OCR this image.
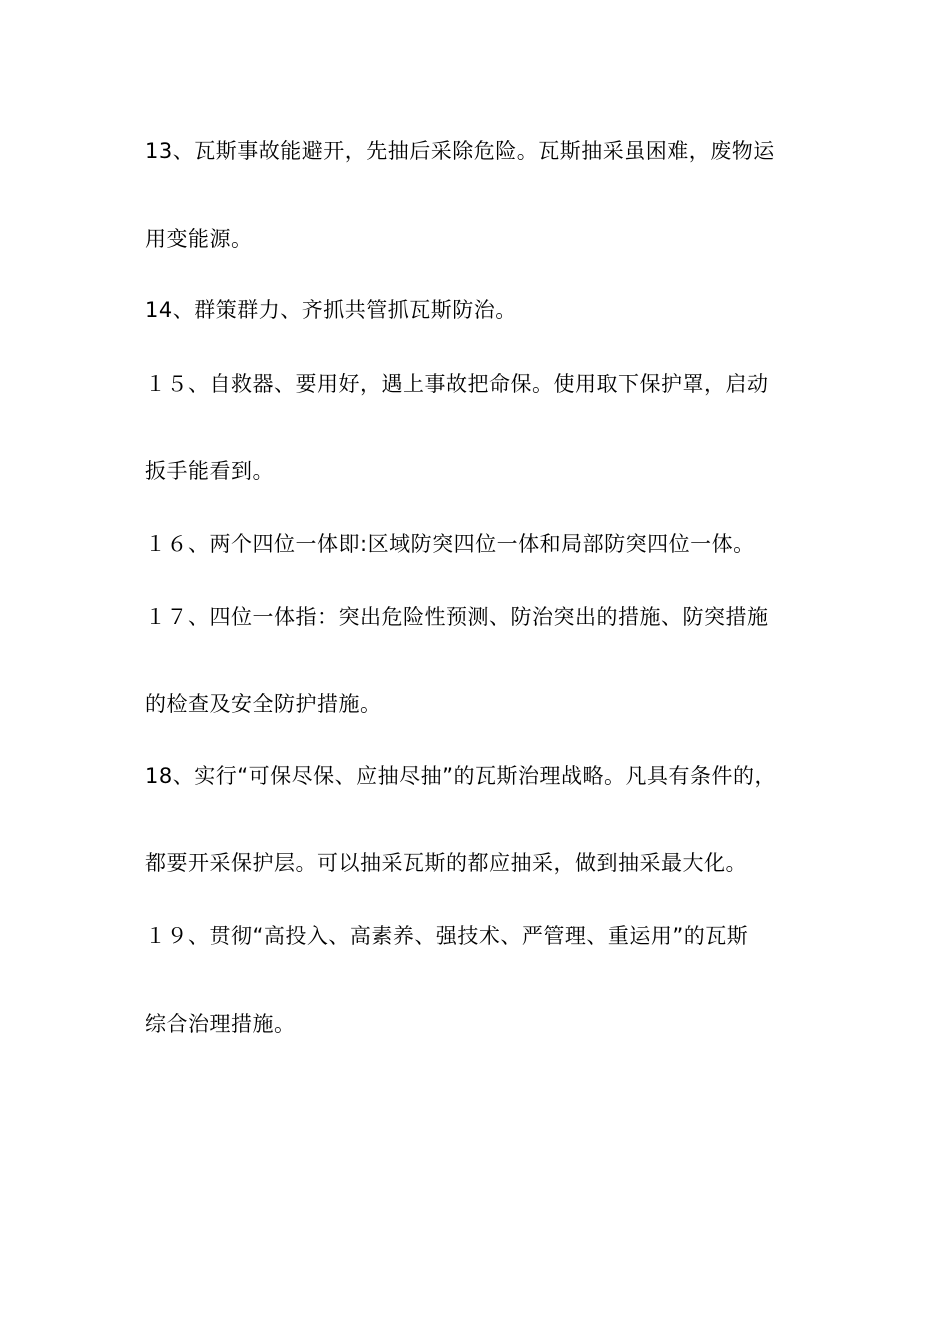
13、瓦斯事故能避开，先抽后采除危险。瓦斯抽采虽困难，废物运
用变能源。
14、群策群力、齐抓共管抓瓦斯防治。
１５、自救器、要用好，遇上事故把命保。使用取下保护罩，启动
扳手能看到。
１６、两个四位一体即:区域防突四位一体和局部防突四位一体。
１７、四位一体指：突出危险性预测、防治突出的措施、防突措施
的检查及安全防护措施。
18、实行“可保尽保、应抽尽抽”的瓦斯治理战略。凡具有条件的，
都要开采保护层。可以抽采瓦斯的都应抽采，做到抽采最大化。
１９、贯彻“高投入、高素养、强技术、严管理、重运用”的瓦斯
综合治理措施。
